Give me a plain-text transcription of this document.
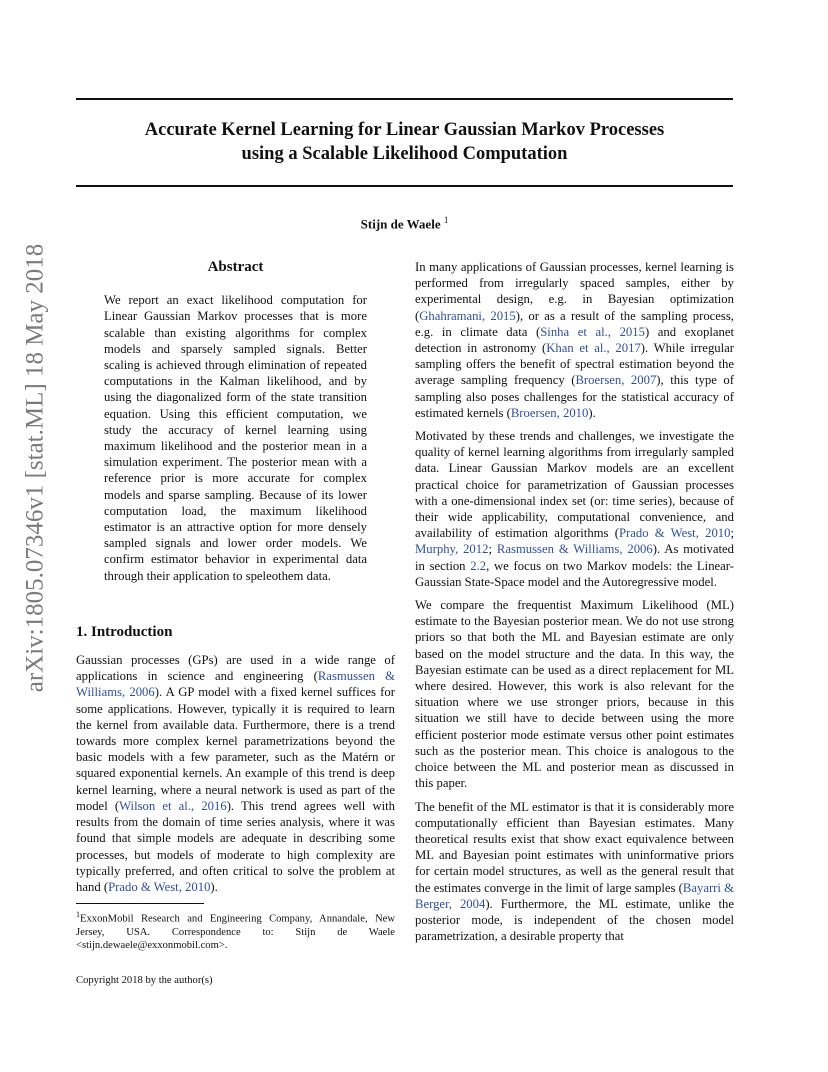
arXiv:1805.07346v1 [stat.ML] 18 May 2018
Accurate Kernel Learning for Linear Gaussian Markov Processes
using a Scalable Likelihood Computation
Stijn de Waele $^1$
Abstract

We report an exact likelihood computation for Linear Gaussian Markov processes that is more scalable than existing algorithms for complex models and sparsely sampled signals. Better scaling is achieved through elimination of repeated computations in the Kalman likelihood, and by using the diagonalized form of the state transition equation. Using this efficient computation, we study the accuracy of kernel learning using maximum likelihood and the posterior mean in a simulation experiment. The posterior mean with a reference prior is more accurate for complex models and sparse sampling. Because of its lower computation load, the maximum likelihood estimator is an attractive option for more densely sampled signals and lower order models. We confirm estimator behavior in experimental data through their application to speleothem data.

1. Introduction

Gaussian processes (GPs) are used in a wide range of applications in science and engineering (Rasmussen & Williams, 2006). A GP model with a fixed kernel suffices for some applications. However, typically it is required to learn the kernel from available data. Furthermore, there is a trend towards more complex kernel parametrizations beyond the basic models with a few parameter, such as the Matérn or squared exponential kernels. An example of this trend is deep kernel learning, where a neural network is used as part of the model (Wilson et al., 2016). This trend agrees well with results from the domain of time series analysis, where it was found that simple models are adequate in describing some processes, but models of moderate to high complexity are typically preferred, and often critical to solve the problem at hand (Prado & West, 2010).

$^1$ExxonMobil Research and Engineering Company, Annandale, New Jersey, USA. Correspondence to: Stijn de Waele <stijn.dewaele@exxonmobil.com>.

Copyright 2018 by the author(s)

In many applications of Gaussian processes, kernel learning is performed from irregularly spaced samples, either by experimental design, e.g. in Bayesian optimization (Ghahramani, 2015), or as a result of the sampling process, e.g. in climate data (Sinha et al., 2015) and exoplanet detection in astronomy (Khan et al., 2017). While irregular sampling offers the benefit of spectral estimation beyond the average sampling frequency (Broersen, 2007), this type of sampling also poses challenges for the statistical accuracy of estimated kernels (Broersen, 2010).

Motivated by these trends and challenges, we investigate the quality of kernel learning algorithms from irregularly sampled data. Linear Gaussian Markov models are an excellent practical choice for parametrization of Gaussian processes with a one-dimensional index set (or: time series), because of their wide applicability, computational convenience, and availability of estimation algorithms (Prado & West, 2010; Murphy, 2012; Rasmussen & Williams, 2006). As motivated in section 2.2, we focus on two Markov models: the Linear-Gaussian State-Space model and the Autoregressive model.

We compare the frequentist Maximum Likelihood (ML) estimate to the Bayesian posterior mean. We do not use strong priors so that both the ML and Bayesian estimate are only based on the model structure and the data. In this way, the Bayesian estimate can be used as a direct replacement for ML where desired. However, this work is also relevant for the situation where we use stronger priors, because in this situation we still have to decide between using the more efficient posterior mode estimate versus other point estimates such as the posterior mean. This choice is analogous to the choice between the ML and posterior mean as discussed in this paper.

The benefit of the ML estimator is that it is considerably more computationally efficient than Bayesian estimates. Many theoretical results exist that show exact equivalence between ML and Bayesian point estimates with uninformative priors for certain model structures, as well as the general result that the estimates converge in the limit of large samples (Bayarri & Berger, 2004). Furthermore, the ML estimate, unlike the posterior mode, is independent of the chosen model parametrization, a desirable property that
